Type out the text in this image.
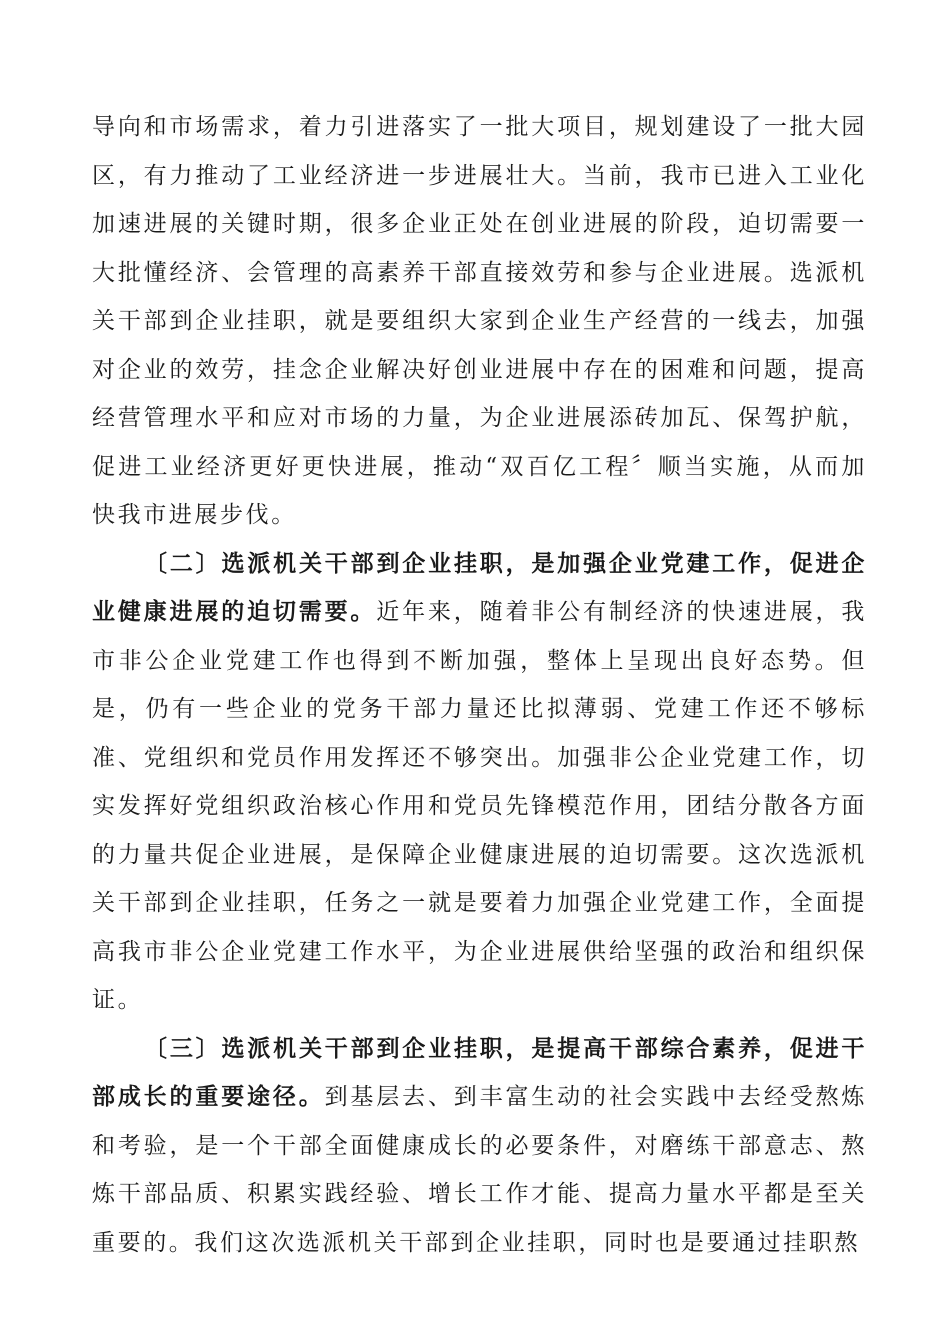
导向和市场需求，着力引进落实了一批大项目，规划建设了一批大园区，有力推动了工业经济进一步进展壮大。当前，我市已进入工业化加速进展的关键时期，很多企业正处在创业进展的阶段，迫切需要一大批懂经济、会管理的高素养干部直接效劳和参与企业进展。选派机关干部到企业挂职，就是要组织大家到企业生产经营的一线去，加强对企业的效劳，挂念企业解决好创业进展中存在的困难和问题，提高经营管理水平和应对市场的力量，为企业进展添砖加瓦、保驾护航，促进工业经济更好更快进展，推动“双百亿工程〞顺当实施，从而加快我市进展步伐。

〔二〕选派机关干部到企业挂职，是加强企业党建工作，促进企业健康进展的迫切需要。近年来，随着非公有制经济的快速进展，我市非公企业党建工作也得到不断加强，整体上呈现出良好态势。但是，仍有一些企业的党务干部力量还比拟薄弱、党建工作还不够标准、党组织和党员作用发挥还不够突出。加强非公企业党建工作，切实发挥好党组织政治核心作用和党员先锋模范作用，团结分散各方面的力量共促企业进展，是保障企业健康进展的迫切需要。这次选派机关干部到企业挂职，任务之一就是要着力加强企业党建工作，全面提高我市非公企业党建工作水平，为企业进展供给坚强的政治和组织保证。

〔三〕选派机关干部到企业挂职，是提高干部综合素养，促进干部成长的重要途径。到基层去、到丰富生动的社会实践中去经受熬炼和考验，是一个干部全面健康成长的必要条件，对磨练干部意志、熬炼干部品质、积累实践经验、增长工作才能、提高力量水平都是至关重要的。我们这次选派机关干部到企业挂职，同时也是要通过挂职熬
